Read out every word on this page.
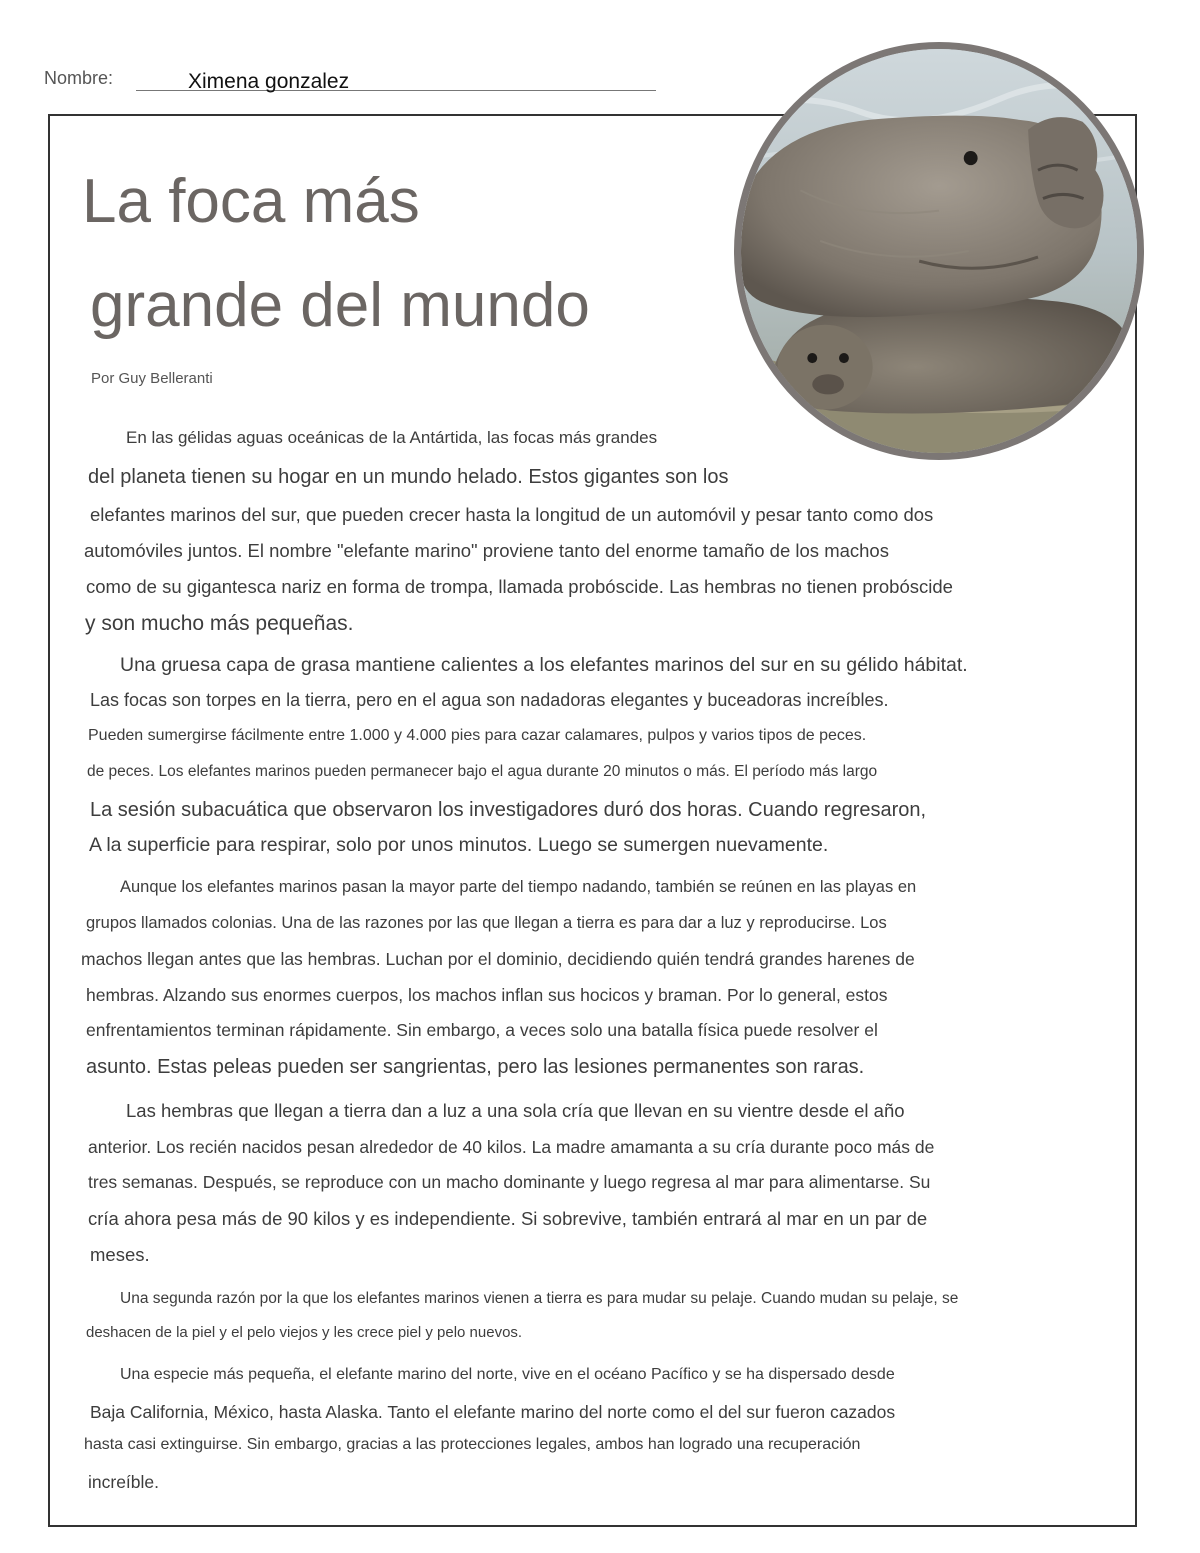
Nombre:	Ximena gonzalez
La foca más
grande del mundo
Por Guy Belleranti
En las gélidas aguas oceánicas de la Antártida, las focas más grandes
del planeta tienen su hogar en un mundo helado. Estos gigantes son los
elefantes marinos del sur, que pueden crecer hasta la longitud de un automóvil y pesar tanto como dos
automóviles juntos. El nombre "elefante marino" proviene tanto del enorme tamaño de los machos
como de su gigantesca nariz en forma de trompa, llamada probóscide. Las hembras no tienen probóscide
y son mucho más pequeñas.
Una gruesa capa de grasa mantiene calientes a los elefantes marinos del sur en su gélido hábitat.
Las focas son torpes en la tierra, pero en el agua son nadadoras elegantes y buceadoras increíbles.
Pueden sumergirse fácilmente entre 1.000 y 4.000 pies para cazar calamares, pulpos y varios tipos de peces.
de peces. Los elefantes marinos pueden permanecer bajo el agua durante 20 minutos o más. El período más largo
La sesión subacuática que observaron los investigadores duró dos horas. Cuando regresaron,
A la superficie para respirar, solo por unos minutos. Luego se sumergen nuevamente.
Aunque los elefantes marinos pasan la mayor parte del tiempo nadando, también se reúnen en las playas en
grupos llamados colonias. Una de las razones por las que llegan a tierra es para dar a luz y reproducirse. Los
machos llegan antes que las hembras. Luchan por el dominio, decidiendo quién tendrá grandes harenes de
hembras. Alzando sus enormes cuerpos, los machos inflan sus hocicos y braman. Por lo general, estos
enfrentamientos terminan rápidamente. Sin embargo, a veces solo una batalla física puede resolver el
asunto. Estas peleas pueden ser sangrientas, pero las lesiones permanentes son raras.
Las hembras que llegan a tierra dan a luz a una sola cría que llevan en su vientre desde el año
anterior. Los recién nacidos pesan alrededor de 40 kilos. La madre amamanta a su cría durante poco más de
tres semanas. Después, se reproduce con un macho dominante y luego regresa al mar para alimentarse. Su
cría ahora pesa más de 90 kilos y es independiente. Si sobrevive, también entrará al mar en un par de
meses.
Una segunda razón por la que los elefantes marinos vienen a tierra es para mudar su pelaje. Cuando mudan su pelaje, se
deshacen de la piel y el pelo viejos y les crece piel y pelo nuevos.
Una especie más pequeña, el elefante marino del norte, vive en el océano Pacífico y se ha dispersado desde
Baja California, México, hasta Alaska. Tanto el elefante marino del norte como el del sur fueron cazados
hasta casi extinguirse. Sin embargo, gracias a las protecciones legales, ambos han logrado una recuperación
increíble.
